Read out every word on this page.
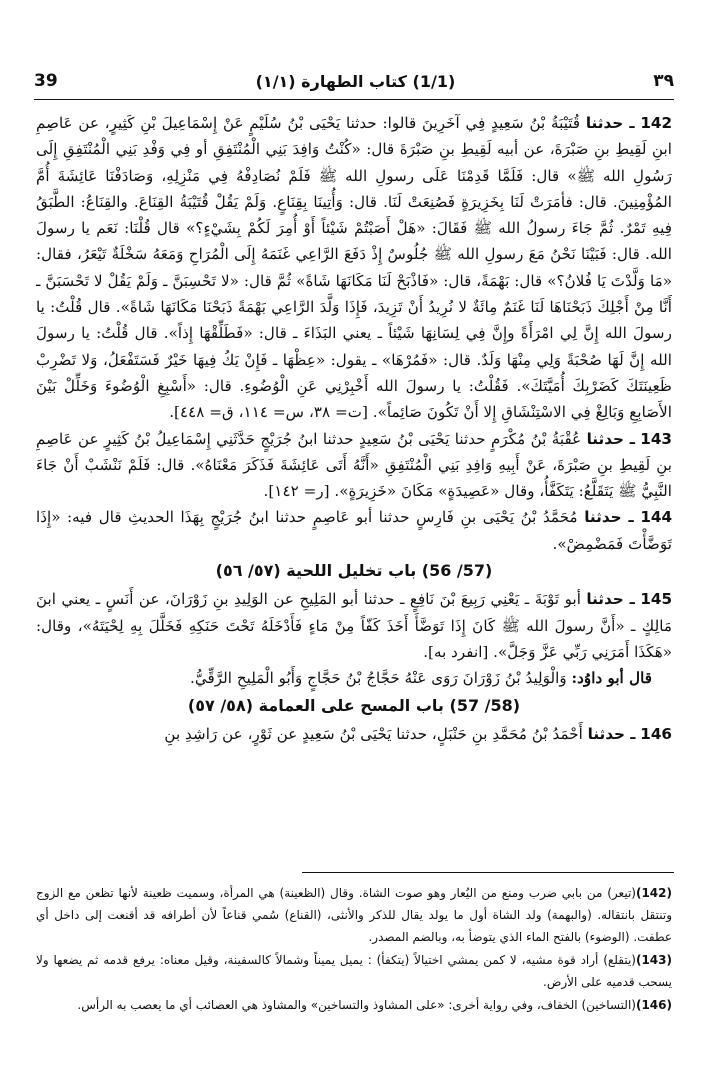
39	(1/1) كتاب الطهارة (١/١)	٣٩

142 ـ حدثنا قُتَيْبَةُ بْنُ سَعِيدٍ فِي آخَرِينَ قالوا: حدثنا يَحْيَى بْنُ سُلَيْمٍ عَنْ إِسْمَاعِيلَ بْنِ كَثِيرٍ، عن عَاصِمِ ابنِ لَقِيطِ بنِ صَبْرَةَ، عن أبيه لَقِيطِ بنِ صَبْرَةَ قال: «كُنْتُ وَافِدَ بَنِي الْمُنْتَفِقِ أو فِي وَفْدِ بَنِي الْمُنْتَفِقِ إِلَى رَسُولِ الله ﷺ» قال: فَلَمَّا قَدِمْنَا عَلَى رسولِ الله ﷺ فَلَمْ نُصَادِفْهُ فِي مَنْزِلِهِ، وَصَادَفْنَا عَائِشَةَ أُمَّ المُؤْمِنِينَ. قال: فأمَرَتْ لَنَا بِخَزِيرَةٍ فَصُنِعَتْ لَنَا. قال: وَأُتِينَا بِقِنَاعٍ. وَلَمْ يَقُلْ قُتَيْبَةُ القِنَاعَ. والقِنَاعُ: الطَّبَقُ فِيهِ تَمْرٌ. ثُمَّ جَاءَ رسولُ الله ﷺ فَقَالَ: «هَلْ أَصَبْتُمْ شَيْئاً أَوْ أُمِرَ لَكُمْ بِشَيْءٍ؟» قال قُلْنَا: نَعَم يا رسولَ الله. قال: فَبَيْنَا نَحْنُ مَعَ رسولِ الله ﷺ جُلُوسٌ إِذْ دَفَعَ الرَّاعِي غَنَمَهُ إِلَى الْمُرَاحِ وَمَعَهُ سَخْلَةٌ تَيْعَرُ، فقال: «مَا وَلَّدْتَ يَا فُلانُ؟» قال: بَهْمَةً، قال: «فَاذْبَحْ لَنَا مَكَانَهَا شَاةً» ثُمَّ قال: «لا تَحْسِبَنَّ ـ وَلَمْ يَقُلْ لا تَحْسَبَنَّ ـ أَنَّا مِنْ أَجْلِكَ ذَبَحْنَاهَا لَنَا غَنَمٌ مِائَةٌ لا نُرِيدُ أَنْ تَزِيدَ، فَإِذَا وَلَّدَ الرَّاعِي بَهْمَةً ذَبَحْنَا مَكَانَهَا شَاةً». قال قُلْتُ: يا رسولَ الله إِنَّ لِي امْرَأَةً وإِنَّ فِي لِسَانِهَا شَيْئاً ـ يعني البَذَاءَ ـ قال: «فَطَلِّقْهَا إِذاً». قال قُلْتُ: يا رسولَ الله إِنَّ لَهَا صُحْبَةً وَلِي مِنْهَا وَلَدٌ. قال: «فَمُرْهَا» ـ يقول: «عِظْهَا ـ فَإِنْ يَكُ فِيهَا خَيْرٌ فَسَتَفْعَلُ، وَلا تَضْرِبْ ظَعِينَتَكَ كَضَرْبِكَ أُمَيَّتَكَ». فَقُلْتُ: يا رسولَ الله أَخْبِرْنِي عَنِ الْوُضُوءِ. قال: «أَسْبِغِ الْوُضُوءَ وَخَلِّلْ بَيْنَ الأَصَابِعِ وَبَالِغْ فِي الاسْتِنْشَاقِ إِلا أَنْ تَكُونَ صَائِماً». [ت= ٣٨، س= ١١٤، ق= ٤٤٨].

143 ـ حدثنا عُقْبَةُ بْنُ مُكْرَمٍ حدثنا يَحْيَى بْنُ سَعِيدٍ حدثنا ابنُ جُرَيْجٍ حَدَّثَنِي إِسْمَاعِيلُ بْنُ كَثِيرٍ عن عَاصِمِ بنِ لَقِيطِ بنِ صَبْرَةَ، عَنْ أَبِيهِ وَافِدِ بَنِي الْمُنْتَفِقِ «أَنَّهُ أَتَى عَائِشَةَ فَذَكَرَ مَعْنَاهُ». قال: فَلَمْ نَنْشَبْ أَنْ جَاءَ النَّبِيُّ ﷺ يَتَقَلَّعُ: يَتَكَفَّأُ، وقال «عَصِيدَةٍ» مَكَانَ «خَزِيرَةٍ». [ر= ١٤٢].

144 ـ حدثنا مُحَمَّدُ بْنُ يَحْيَى بنِ فَارِسٍ حدثنا أبو عَاصِمٍ حدثنا ابنُ جُرَيْجٍ بِهَذَا الحديثِ قال فيه: «إِذَا تَوَضَّأْتَ فَمَضْمِضْ».

(57/ 56) باب تخليل اللحية (٥٧/ ٥٦)

145 ـ حدثنا أبو تَوْبَةَ ـ يَعْنِي رَبِيعَ بْنَ نَافِعٍ ـ حدثنا أبو المَلِيحِ عن الوَلِيدِ بنِ زَوْرَانَ، عن أَنَسٍ ـ يعني ابنَ مَالِكٍ ـ «أَنَّ رسولَ الله ﷺ كَانَ إِذَا تَوَضَّأَ أَخَذَ كَفّاً مِنْ مَاءٍ فَأَدْخَلَهُ تَحْتَ حَنَكِهِ فَخَلَّلَ بِهِ لِحْيَتَهُ»، وقال: «هَكَذَا أَمَرَنِي رَبِّي عَزَّ وَجَلَّ». [انفرد به].

قال أبو داوُد: وَالْوَلِيدُ بْنُ زَوْرَانَ رَوَى عَنْهُ حَجَّاجُ بْنُ حَجَّاجٍ وَأَبُو الْمَلِيحِ الرَّقِّيُّ.

(58/ 57) باب المسح على العمامة (٥٨/ ٥٧)

146 ـ حدثنا أَحْمَدُ بْنُ مُحَمَّدِ بنِ حَنْبَلٍ، حدثنا يَحْيَى بْنُ سَعِيدٍ عن ثَوْرٍ، عن رَاشِدِ بنِ

(142)(تيعر) من بابي ضرب ومنع من اليُعار وهو صوت الشاة. وقال (الظعينة) هي المرأة، وسميت ظعينة لأنها تظعن مع الزوج وتنتقل بانتقاله. (والبهمة) ولد الشاة أول ما يولد يقال للذكر والأنثى، (القناع) سُمي قناعاً لأن أطرافه قد أقنعت إلى داخل أي عطفت. (الوضوء) بالفتح الماء الذي يتوضأ به، وبالضم المصدر.

(143)(يتقلع) أراد قوة مشيه، لا كمن يمشي اختيالاً (يتكفأ) : يميل يميناً وشمالاً كالسفينة، وقيل معناه: يرفع قدمه ثم يضعها ولا يسحب قدميه على الأرض.

(146)(التساخين) الخفاف، وفي رواية أخرى: «على المشاوذ والتساخين» والمشاوذ هي العصائب أي ما يعصب به الرأس.
